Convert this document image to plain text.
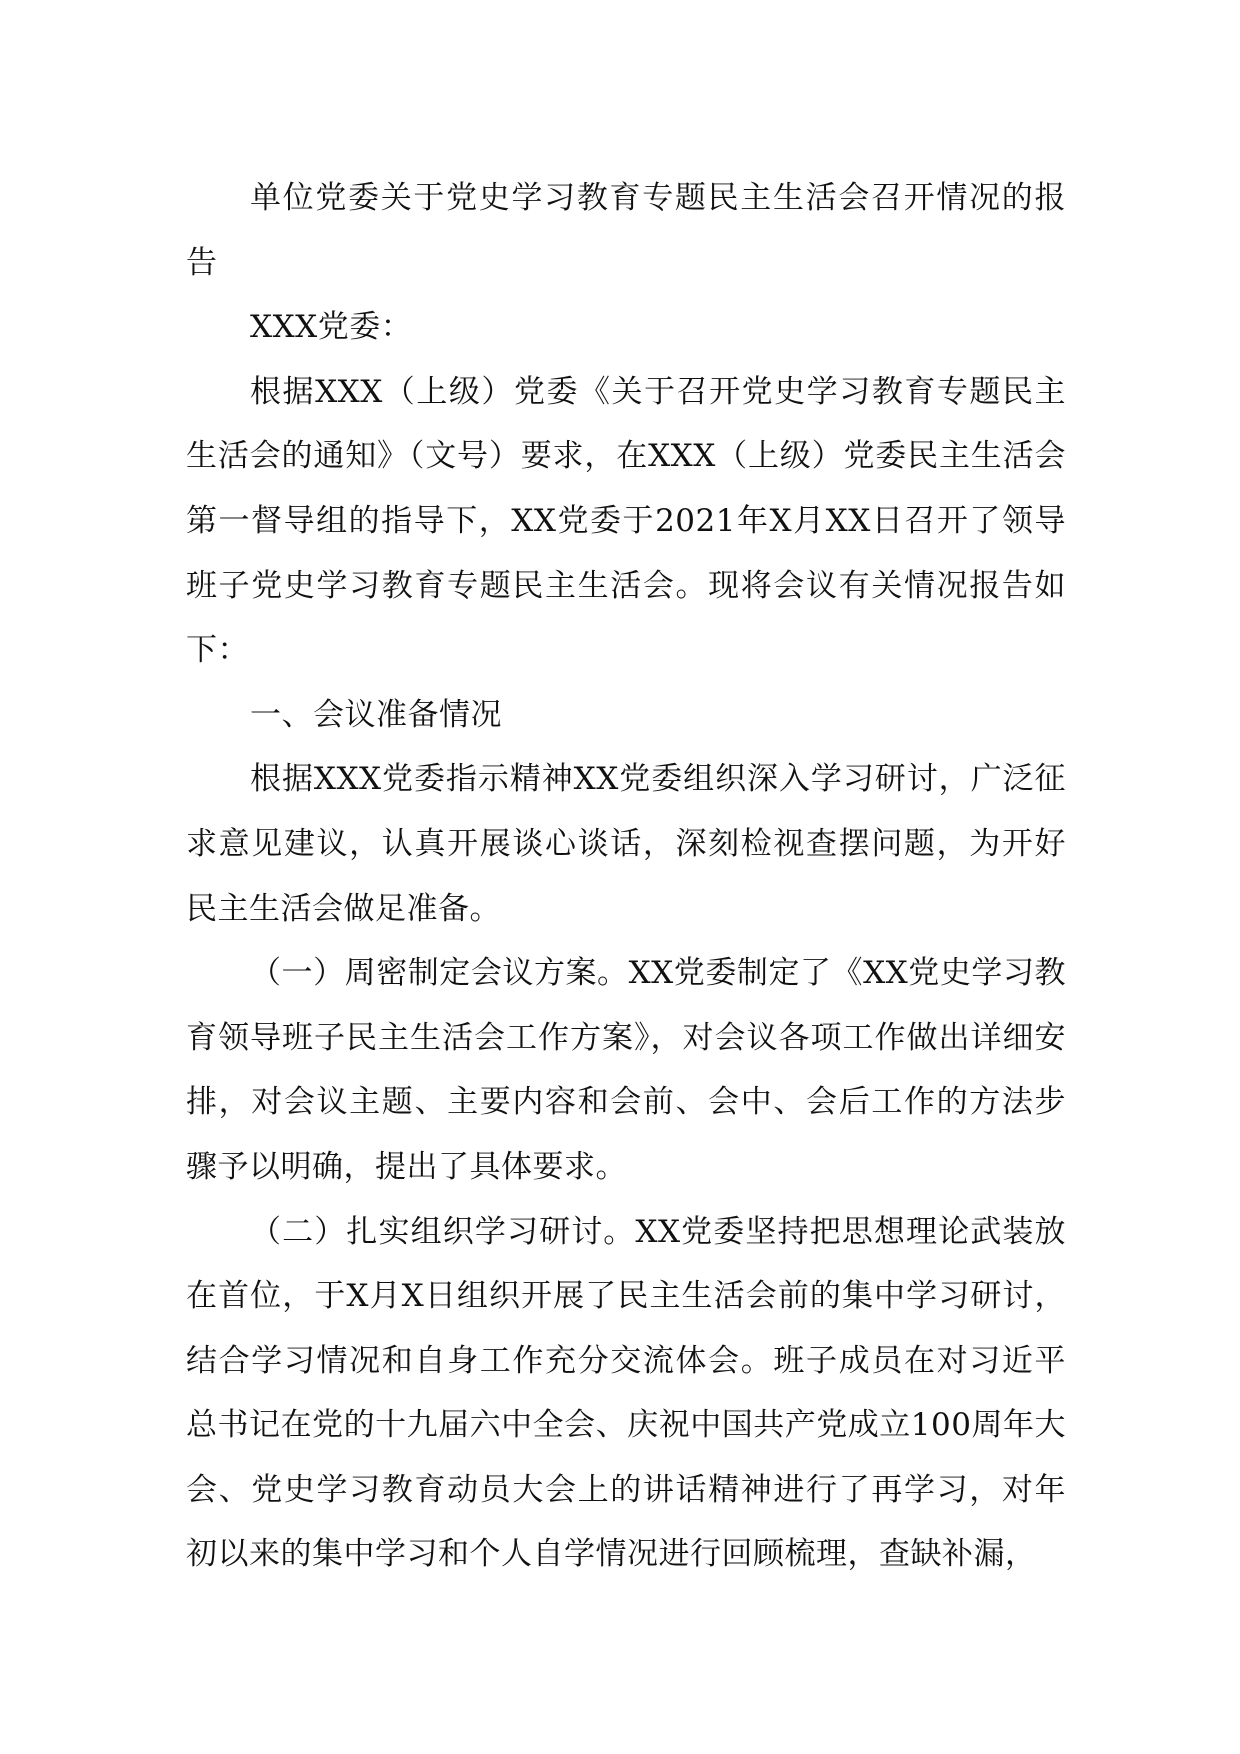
单位党委关于党史学习教育专题民主生活会召开情况的报告

XXX党委：

根据XXX（上级）党委《关于召开党史学习教育专题民主生活会的通知》（文号）要求，在XXX（上级）党委民主生活会第一督导组的指导下，XX党委于2021年X月XX日召开了领导班子党史学习教育专题民主生活会。现将会议有关情况报告如下：

一、会议准备情况

根据XXX党委指示精神XX党委组织深入学习研讨，广泛征求意见建议，认真开展谈心谈话，深刻检视查摆问题，为开好民主生活会做足准备。

（一）周密制定会议方案。XX党委制定了《XX党史学习教育领导班子民主生活会工作方案》，对会议各项工作做出详细安排，对会议主题、主要内容和会前、会中、会后工作的方法步骤予以明确，提出了具体要求。

（二）扎实组织学习研讨。XX党委坚持把思想理论武装放在首位，于X月X日组织开展了民主生活会前的集中学习研讨，结合学习情况和自身工作充分交流体会。班子成员在对习近平总书记在党的十九届六中全会、庆祝中国共产党成立100周年大会、党史学习教育动员大会上的讲话精神进行了再学习，对年初以来的集中学习和个人自学情况进行回顾梳理，查缺补漏，
